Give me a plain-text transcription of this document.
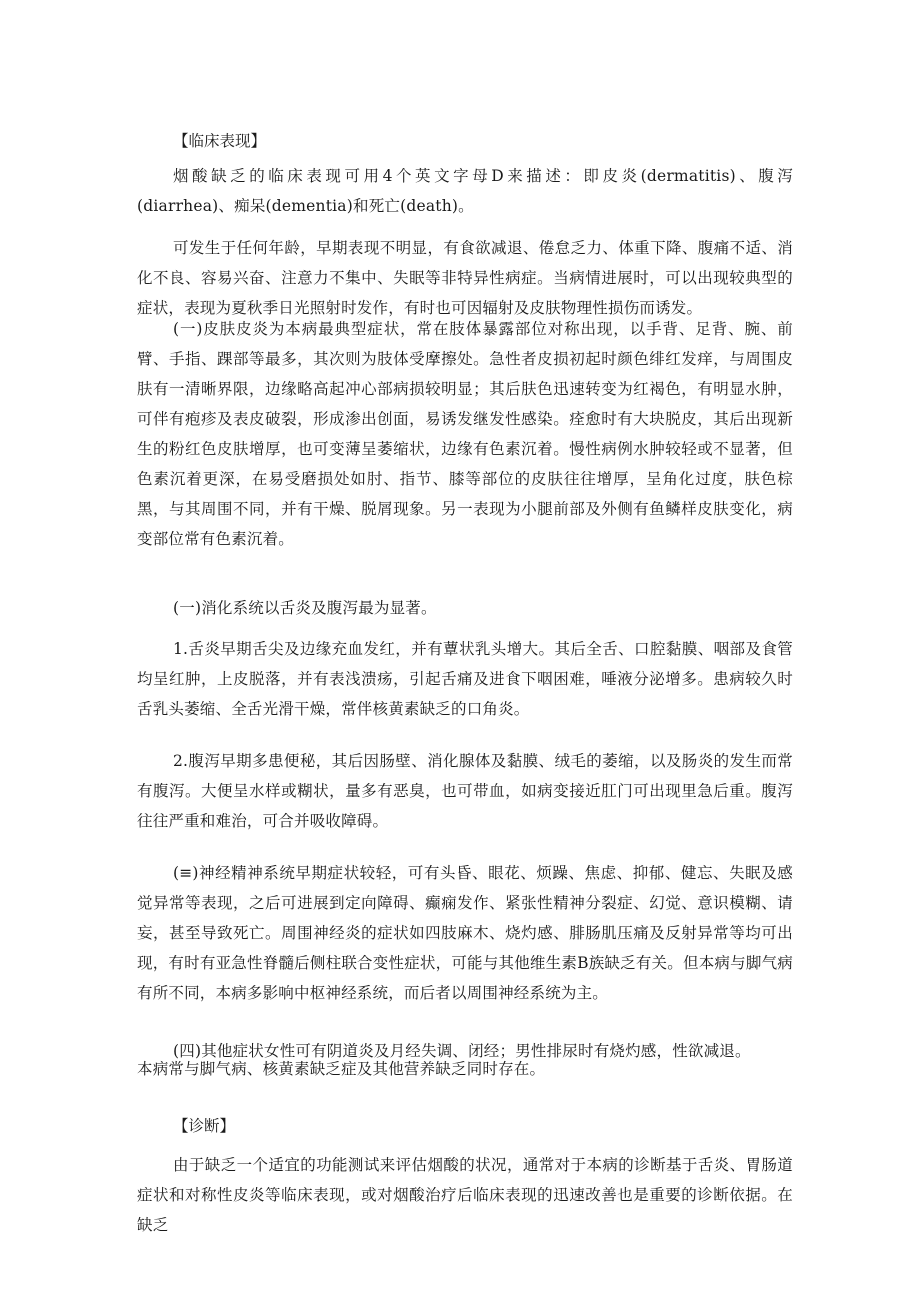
【临床表现】

烟酸缺乏的临床表现可用4个英文字母D来描述：即皮炎(dermatitis)、腹泻(diarrhea)、痴呆(dementia)和死亡(death)。

可发生于任何年龄，早期表现不明显，有食欲减退、倦怠乏力、体重下降、腹痛不适、消化不良、容易兴奋、注意力不集中、失眠等非特异性病症。当病情进展时，可以出现较典型的症状，表现为夏秋季日光照射时发作，有时也可因辐射及皮肤物理性损伤而诱发。

(一)皮肤皮炎为本病最典型症状，常在肢体暴露部位对称出现，以手背、足背、腕、前臂、手指、踝部等最多，其次则为肢体受摩擦处。急性者皮损初起时颜色绯红发痒，与周围皮肤有一清晰界限，边缘略高起冲心部病损较明显；其后肤色迅速转变为红褐色，有明显水肿，可伴有疱疹及表皮破裂，形成渗出创面，易诱发继发性感染。痊愈时有大块脱皮，其后出现新生的粉红色皮肤增厚，也可变薄呈萎缩状，边缘有色素沉着。慢性病例水肿较轻或不显著，但色素沉着更深，在易受磨损处如肘、指节、膝等部位的皮肤往往增厚，呈角化过度，肤色棕黑，与其周围不同，并有干燥、脱屑现象。另一表现为小腿前部及外侧有鱼鳞样皮肤变化，病变部位常有色素沉着。

(一)消化系统以舌炎及腹泻最为显著。

1.舌炎早期舌尖及边缘充血发红，并有蕈状乳头增大。其后全舌、口腔黏膜、咽部及食管均呈红肿，上皮脱落，并有表浅溃疡，引起舌痛及进食下咽困难，唾液分泌增多。患病较久时舌乳头萎缩、全舌光滑干燥，常伴核黄素缺乏的口角炎。

2.腹泻早期多患便秘，其后因肠壁、消化腺体及黏膜、绒毛的萎缩，以及肠炎的发生而常有腹泻。大便呈水样或糊状，量多有恶臭，也可带血，如病变接近肛门可出现里急后重。腹泻往往严重和难治，可合并吸收障碍。

(≡)神经精神系统早期症状较轻，可有头昏、眼花、烦躁、焦虑、抑郁、健忘、失眠及感觉异常等表现，之后可进展到定向障碍、癫痫发作、紧张性精神分裂症、幻觉、意识模糊、请妄，甚至导致死亡。周围神经炎的症状如四肢麻木、烧灼感、腓肠肌压痛及反射异常等均可出现，有时有亚急性脊髓后侧柱联合变性症状，可能与其他维生素B族缺乏有关。但本病与脚气病有所不同，本病多影响中枢神经系统，而后者以周围神经系统为主。

(四)其他症状女性可有阴道炎及月经失调、闭经；男性排尿时有烧灼感，性欲减退。

本病常与脚气病、核黄素缺乏症及其他营养缺乏同时存在。

【诊断】

由于缺乏一个适宜的功能测试来评估烟酸的状况，通常对于本病的诊断基于舌炎、胃肠道症状和对称性皮炎等临床表现，或对烟酸治疗后临床表现的迅速改善也是重要的诊断依据。在缺乏
